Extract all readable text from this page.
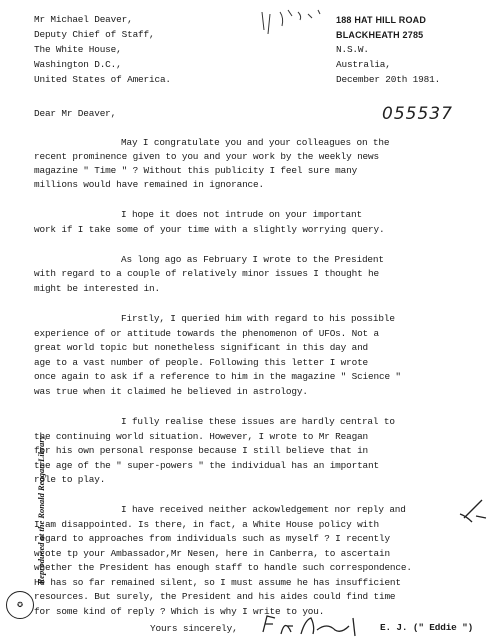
Mr Michael Deaver,
Deputy Chief of Staff,
The White House,
Washington D.C.,
United States of America.
188 HAT HILL ROAD
BLACKHEATH 2785
N.S.W.
Australia,
December 20th 1981.
055537
Dear Mr Deaver,
May I congratulate you and your colleagues on the
recent prominence given to you and your work by the weekly news
magazine " Time " ? Without this publicity I feel sure many
millions would have remained in ignorance.
I hope it does not intrude on your important
work if I take some of your time with a slightly worrying query.
As long ago as February I wrote to the President
with regard to a couple of relatively minor issues I thought he
might be interested in.
Firstly, I queried him with regard to his possible
experience of or attitude towards the phenomenon of UFOs. Not a
great world topic but nonetheless significant in this day and
age to a vast number of people. Following this letter I wrote
once again to ask if a reference to him in the magazine " Science "
was true when it claimed he believed in astrology.
I fully realise these issues are hardly central to
the continuing world situation. However, I wrote to Mr Reagan
for his own personal response because I still believe that in
the age of the " super-powers " the individual has an important
role to play.
I have received neither ackowledgement nor reply and
I am disappointed. Is there, in fact, a White House policy with
regard to approaches from individuals such as myself ? I recently
wrote tp your Ambassador,Mr Nesen, here in Canberra, to ascertain
whether the President has enough staff to handle such correspondence.
He has so far remained silent, so I must assume he has insufficient
resources. But surely, the President and his aides could find time
for some kind of reply ? Which is why I write to you.
Yours sincerely,	E. J. (" Eddie ")
Reproduced at the Ronald Reagan Library
✪
